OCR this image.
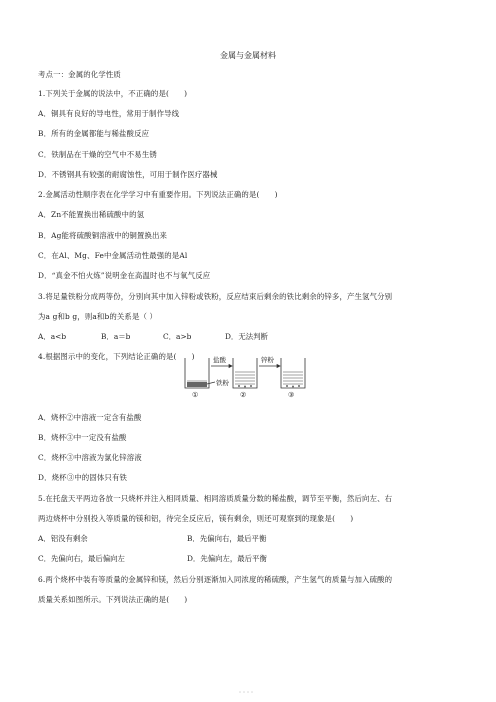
金属与金属材料
考点一：金属的化学性质
1.下列关于金属的说法中，不正确的是(　　)
A．铜具有良好的导电性，常用于制作导线
B．所有的金属都能与稀盐酸反应
C．铁制品在干燥的空气中不易生锈
D．不锈钢具有较强的耐腐蚀性，可用于制作医疗器械
2.金属活动性顺序表在化学学习中有重要作用。下列说法正确的是(　　)
A．Zn不能置换出稀硫酸中的氢
B．Ag能将硫酸铜溶液中的铜置换出来
C．在Al、Mg、Fe中金属活动性最强的是Al
D．“真金不怕火炼”说明金在高温时也不与氧气反应
3.将足量铁粉分成两等份，分别向其中加入锌粉或铁粉，反应结束后剩余的铁比剩余的锌多，产生氢气分别
为a g和b g，则a和b的关系是（ ）
A．a<b	B．a＝b	C．a>b	D．无法判断
4.根据图示中的变化，下列结论正确的是(　　)	盐酸
铁粉
锌粉
①	②	③
A．烧杯②中溶液一定含有盐酸
B．烧杯③中一定没有盐酸
C．烧杯③中溶液为氯化锌溶液
D．烧杯③中的固体只有铁
5.在托盘天平两边各放一只烧杯并注入相同质量、相同溶质质量分数的稀盐酸，调节至平衡，然后向左、右
两边烧杯中分别投入等质量的镁和铝，待完全反应后，镁有剩余，则还可观察到的现象是(　　)
A．铝没有剩余	B．先偏向右，最后平衡
C．先偏向右，最后偏向左	D．先偏向左，最后平衡
6.两个烧杯中装有等质量的金属锌和镁，然后分别逐渐加入同浓度的稀硫酸，产生氢气的质量与加入硫酸的
质量关系如图所示。下列说法正确的是(　　)
